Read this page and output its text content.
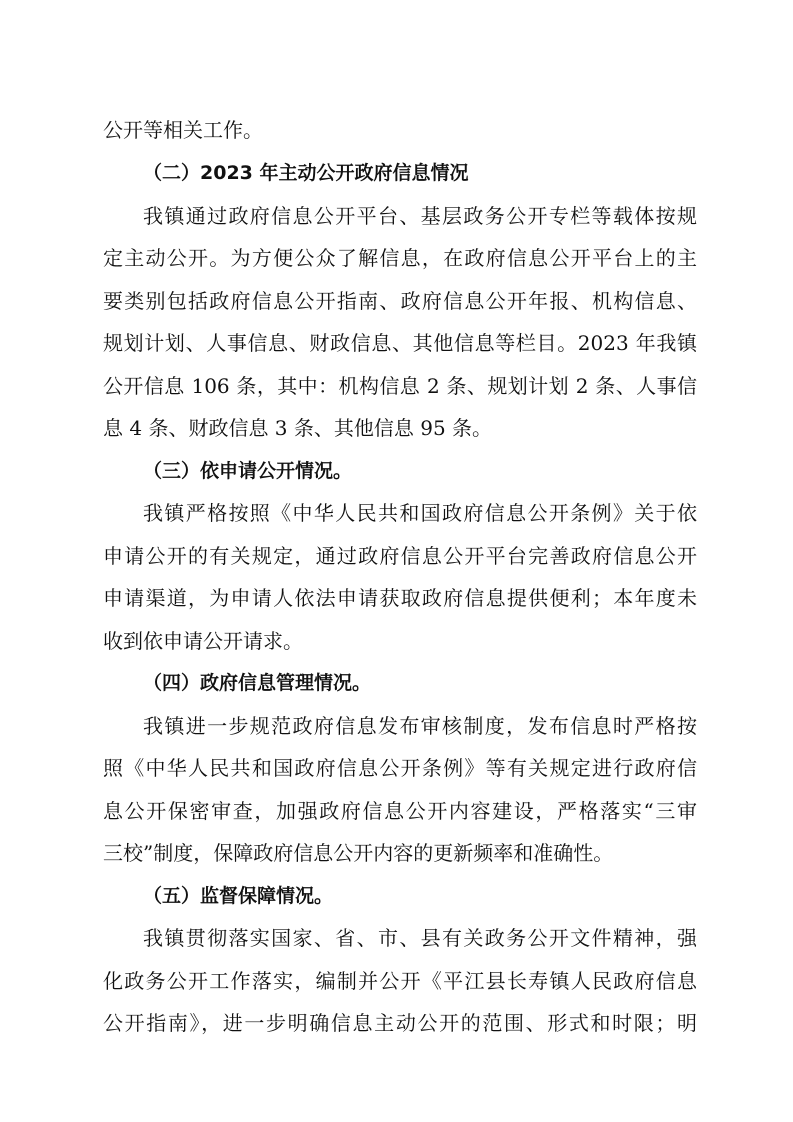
公开等相关工作。

（二）2023 年主动公开政府信息情况

我镇通过政府信息公开平台、基层政务公开专栏等载体按规

定主动公开。为方便公众了解信息，在政府信息公开平台上的主

要类别包括政府信息公开指南、政府信息公开年报、机构信息、

规划计划、人事信息、财政信息、其他信息等栏目。2023 年我镇

公开信息 106 条，其中：机构信息 2 条、规划计划 2 条、人事信

息 4 条、财政信息 3 条、其他信息 95 条。

（三）依申请公开情况。

我镇严格按照《中华人民共和国政府信息公开条例》关于依

申请公开的有关规定，通过政府信息公开平台完善政府信息公开

申请渠道，为申请人依法申请获取政府信息提供便利；本年度未

收到依申请公开请求。

（四）政府信息管理情况。

我镇进一步规范政府信息发布审核制度，发布信息时严格按

照《中华人民共和国政府信息公开条例》等有关规定进行政府信

息公开保密审查，加强政府信息公开内容建设，严格落实“三审

三校”制度，保障政府信息公开内容的更新频率和准确性。

（五）监督保障情况。

我镇贯彻落实国家、省、市、县有关政务公开文件精神，强

化政务公开工作落实，编制并公开《平江县长寿镇人民政府信息

公开指南》，进一步明确信息主动公开的范围、形式和时限；明
